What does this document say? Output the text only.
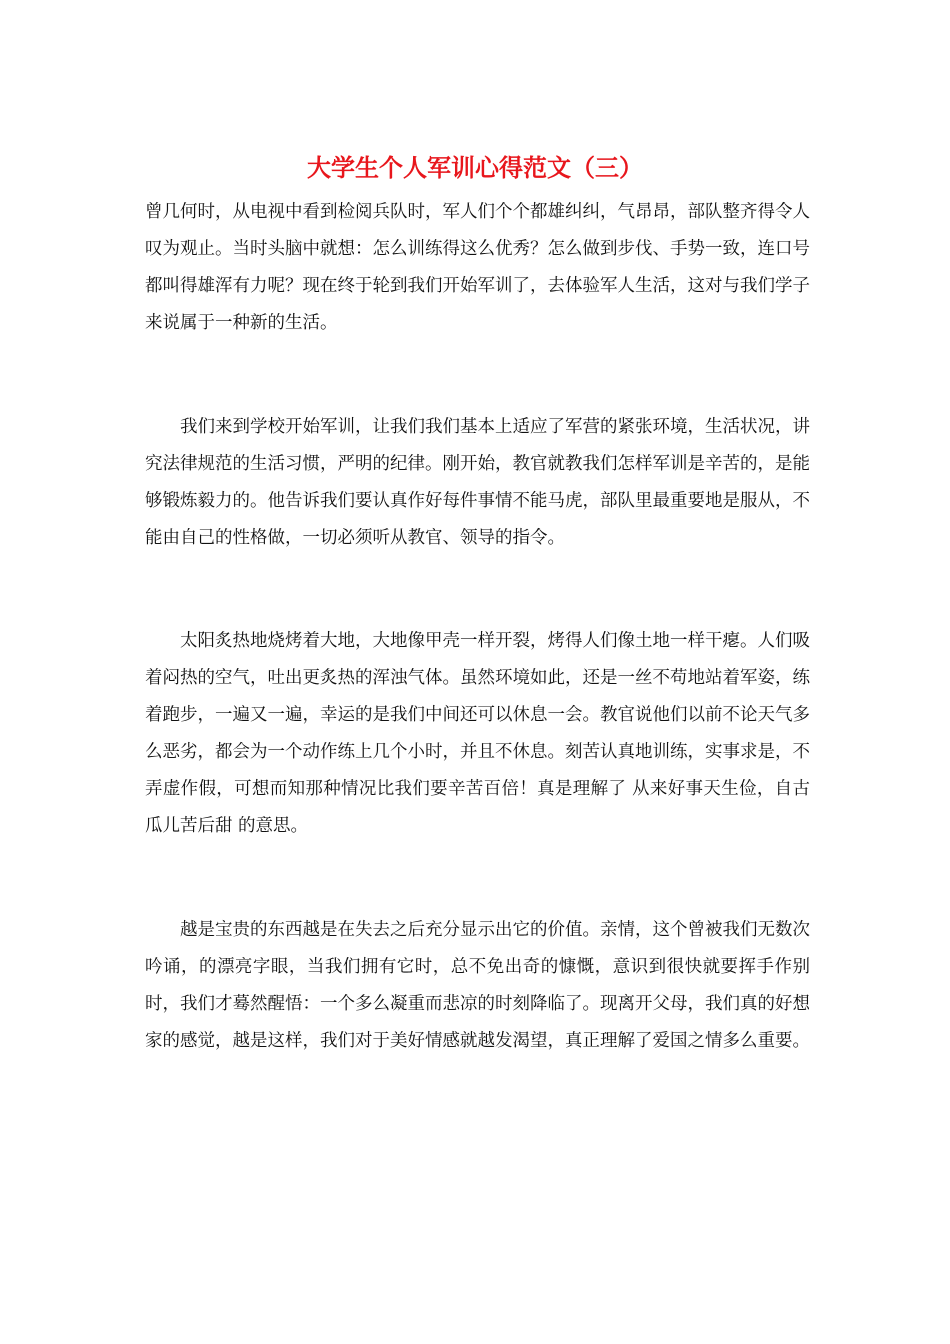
大学生个人军训心得范文（三）

曾几何时，从电视中看到检阅兵队时，军人们个个都雄纠纠，气昂昂，部队整齐得令人叹为观止。当时头脑中就想：怎么训练得这么优秀？怎么做到步伐、手势一致，连口号都叫得雄浑有力呢？现在终于轮到我们开始军训了，去体验军人生活，这对与我们学子来说属于一种新的生活。

我们来到学校开始军训，让我们我们基本上适应了军营的紧张环境，生活状况，讲究法律规范的生活习惯，严明的纪律。刚开始，教官就教我们怎样军训是辛苦的，是能够锻炼毅力的。他告诉我们要认真作好每件事情不能马虎，部队里最重要地是服从，不能由自己的性格做，一切必须听从教官、领导的指令。

太阳炙热地烧烤着大地，大地像甲壳一样开裂，烤得人们像土地一样干瘪。人们吸着闷热的空气，吐出更炙热的浑浊气体。虽然环境如此，还是一丝不苟地站着军姿，练着跑步，一遍又一遍，幸运的是我们中间还可以休息一会。教官说他们以前不论天气多么恶劣，都会为一个动作练上几个小时，并且不休息。刻苦认真地训练，实事求是，不弄虚作假，可想而知那种情况比我们要辛苦百倍！真是理解了 从来好事天生俭，自古瓜儿苦后甜 的意思。

越是宝贵的东西越是在失去之后充分显示出它的价值。亲情，这个曾被我们无数次吟诵，的漂亮字眼，当我们拥有它时，总不免出奇的慷慨，意识到很快就要挥手作别时，我们才蓦然醒悟：一个多么凝重而悲凉的时刻降临了。现离开父母，我们真的好想家的感觉，越是这样，我们对于美好情感就越发渴望，真正理解了爱国之情多么重要。
